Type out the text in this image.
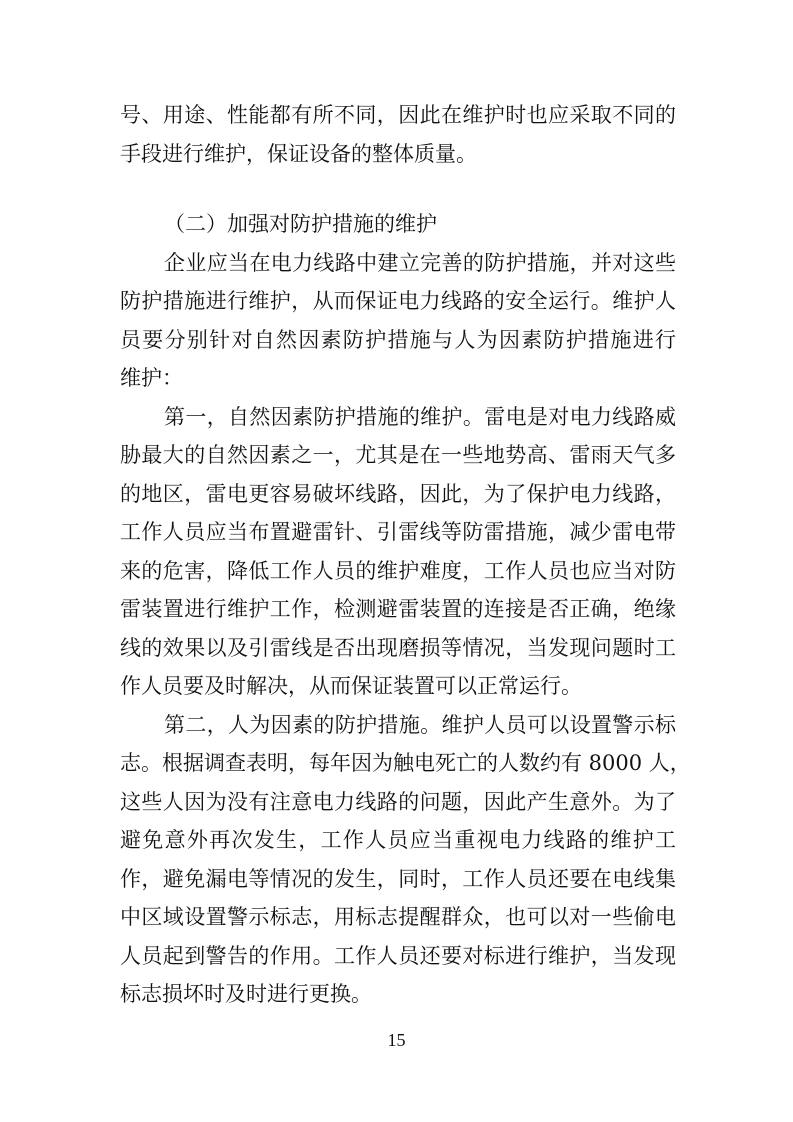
号、用途、性能都有所不同，因此在维护时也应采取不同的
手段进行维护，保证设备的整体质量。
（二）加强对防护措施的维护
企业应当在电力线路中建立完善的防护措施，并对这些
防护措施进行维护，从而保证电力线路的安全运行。维护人
员要分别针对自然因素防护措施与人为因素防护措施进行
维护：
第一，自然因素防护措施的维护。雷电是对电力线路威
胁最大的自然因素之一，尤其是在一些地势高、雷雨天气多
的地区，雷电更容易破坏线路，因此，为了保护电力线路，
工作人员应当布置避雷针、引雷线等防雷措施，减少雷电带
来的危害，降低工作人员的维护难度，工作人员也应当对防
雷装置进行维护工作，检测避雷装置的连接是否正确，绝缘
线的效果以及引雷线是否出现磨损等情况，当发现问题时工
作人员要及时解决，从而保证装置可以正常运行。
第二，人为因素的防护措施。维护人员可以设置警示标
志。根据调查表明，每年因为触电死亡的人数约有 8000 人，
这些人因为没有注意电力线路的问题，因此产生意外。为了
避免意外再次发生，工作人员应当重视电力线路的维护工
作，避免漏电等情况的发生，同时，工作人员还要在电线集
中区域设置警示标志，用标志提醒群众，也可以对一些偷电
人员起到警告的作用。工作人员还要对标进行维护，当发现
标志损坏时及时进行更换。
15
